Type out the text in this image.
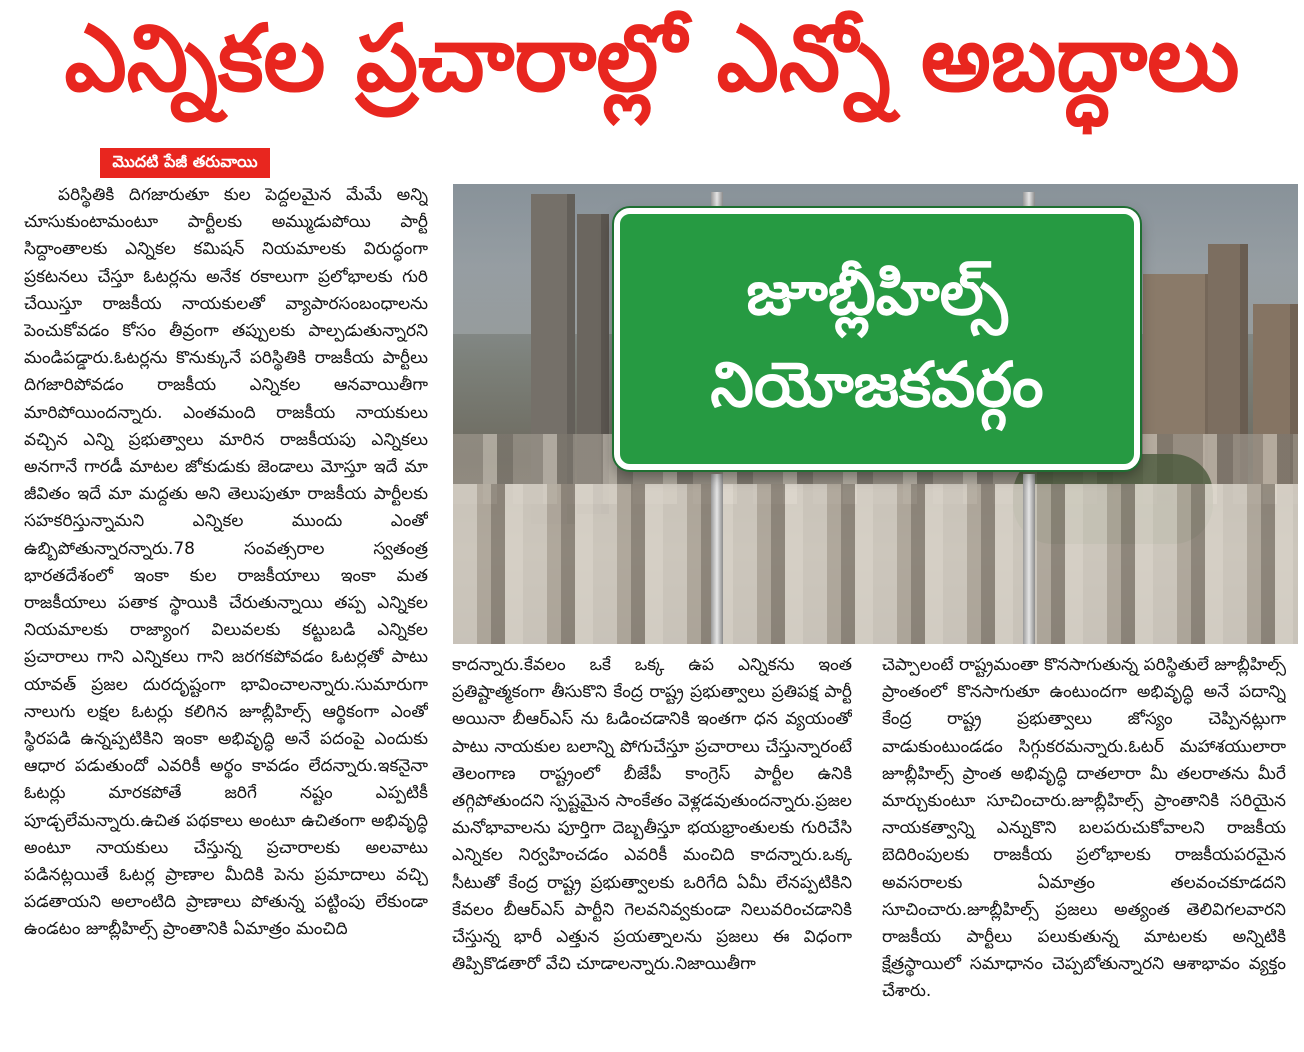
ఎన్నికల ప్రచారాల్లో ఎన్నో అబద్ధాలు
మొదటి పేజీ తరువాయి

పరిస్థితికి దిగజారుతూ కుల పెద్దలమైన మేమే అన్ని చూసుకుంటామంటూ పార్టీలకు అమ్ముడుపోయి పార్టీ సిద్దాంతాలకు ఎన్నికల కమిషన్ నియమాలకు విరుద్ధంగా ప్రకటనలు చేస్తూ ఓటర్లను అనేక రకాలుగా ప్రలోభాలకు గురి చేయిస్తూ రాజకీయ నాయకులతో వ్యాపారసంబంధాలను పెంచుకోవడం కోసం తీవ్రంగా తప్పులకు పాల్పడుతున్నారని మండిపడ్డారు.ఓటర్లను కొనుక్కునే పరిస్థితికి రాజకీయ పార్టీలు దిగజారిపోవడం రాజకీయ ఎన్నికల ఆనవాయితీగా మారిపోయిందన్నారు. ఎంతమంది రాజకీయ నాయకులు వచ్చిన ఎన్ని ప్రభుత్వాలు మారిన రాజకీయపు ఎన్నికలు అనగానే గారడీ మాటల జోకుడుకు జెండాలు మోస్తూ ఇదే మా జీవితం ఇదే మా మద్దతు అని తెలుపుతూ రాజకీయ పార్టీలకు సహకరిస్తున్నామని ఎన్నికల ముందు ఎంతో ఉబ్బిపోతున్నారన్నారు.78 సంవత్సరాల స్వతంత్ర భారతదేశంలో ఇంకా కుల రాజకీయాలు ఇంకా మత రాజకీయాలు పతాక స్థాయికి చేరుతున్నాయి తప్ప ఎన్నికల నియమాలకు రాజ్యాంగ విలువలకు కట్టుబడి ఎన్నికల ప్రచారాలు గాని ఎన్నికలు గాని జరగకపోవడం ఓటర్లతో పాటు యావత్ ప్రజల దురదృష్టంగా భావించాలన్నారు.సుమారుగా నాలుగు లక్షల ఓటర్లు కలిగిన జూబ్లీహిల్స్ ఆర్థికంగా ఎంతో స్థిరపడి ఉన్నప్పటికిని ఇంకా అభివృద్ధి అనే పదంపై ఎందుకు ఆధార పడుతుందో ఎవరికీ అర్థం కావడం లేదన్నారు.ఇకనైనా ఓటర్లు మారకపోతే జరిగే నష్టం ఎప్పటికీ పూడ్చలేమన్నారు.ఉచిత పథకాలు అంటూ ఉచితంగా అభివృద్ధి అంటూ నాయకులు చేస్తున్న ప్రచారాలకు అలవాటు పడినట్లయితే ఓటర్ల ప్రాణాల మీదికి పెను ప్రమాదాలు వచ్చి పడతాయని అలాంటిది ప్రాణాలు పోతున్న పట్టింపు లేకుండా ఉండటం జూబ్లీహిల్స్ ప్రాంతానికి ఏమాత్రం మంచిది

జూబ్లీహిల్స్
నియోజకవర్గం

కాదన్నారు.కేవలం ఒకే ఒక్క ఉప ఎన్నికను ఇంత ప్రతిష్టాత్మకంగా తీసుకొని కేంద్ర రాష్ట్ర ప్రభుత్వాలు ప్రతిపక్ష పార్టీ అయినా బీఆర్ఎస్ ను ఓడించడానికి ఇంతగా ధన వ్యయంతో పాటు నాయకుల బలాన్ని పోగుచేస్తూ ప్రచారాలు చేస్తున్నారంటే తెలంగాణ రాష్ట్రంలో బీజేపీ కాంగ్రెస్ పార్టీల ఉనికి తగ్గిపోతుందని స్పష్టమైన సాంకేతం వెళ్లడవుతుందన్నారు.ప్రజల మనోభావాలను పూర్తిగా దెబ్బతీస్తూ భయభ్రాంతులకు గురిచేసి ఎన్నికల నిర్వహించడం ఎవరికీ మంచిది కాదన్నారు.ఒక్క సీటుతో కేంద్ర రాష్ట్ర ప్రభుత్వాలకు ఒరిగేది ఏమీ లేనప్పటికిని కేవలం బీఆర్ఎస్ పార్టీని గెలవనివ్వకుండా నిలువరించడానికి చేస్తున్న భారీ ఎత్తున ప్రయత్నాలను ప్రజలు ఈ విధంగా తిప్పికొడతారో వేచి చూడాలన్నారు.నిజాయితీగా

చెప్పాలంటే రాష్ట్రమంతా కొనసాగుతున్న పరిస్థితులే జూబ్లీహిల్స్ ప్రాంతంలో కొనసాగుతూ ఉంటుందగా అభివృద్ధి అనే పదాన్ని కేంద్ర రాష్ట్ర ప్రభుత్వాలు జోస్యం చెప్పినట్లుగా వాడుకుంటుండడం సిగ్గుకరమన్నారు.ఓటర్ మహాశయులారా జూబ్లీహిల్స్ ప్రాంత అభివృద్ధి దాతలారా మీ తలరాతను మీరే మార్చుకుంటూ సూచించారు.జూబ్లీహిల్స్ ప్రాంతానికి సరియైన నాయకత్వాన్ని ఎన్నుకొని బలపరుచుకోవాలని రాజకీయ బెదిరింపులకు రాజకీయ ప్రలోభాలకు రాజకీయపరమైన అవసరాలకు ఏమాత్రం తలవంచకూడదని సూచించారు.జూబ్లీహిల్స్ ప్రజలు అత్యంత తెలివిగలవారని రాజకీయ పార్టీలు పలుకుతున్న మాటలకు అన్నిటికి క్షేత్రస్థాయిలో సమాధానం చెప్పబోతున్నారని ఆశాభావం వ్యక్తం చేశారు.
